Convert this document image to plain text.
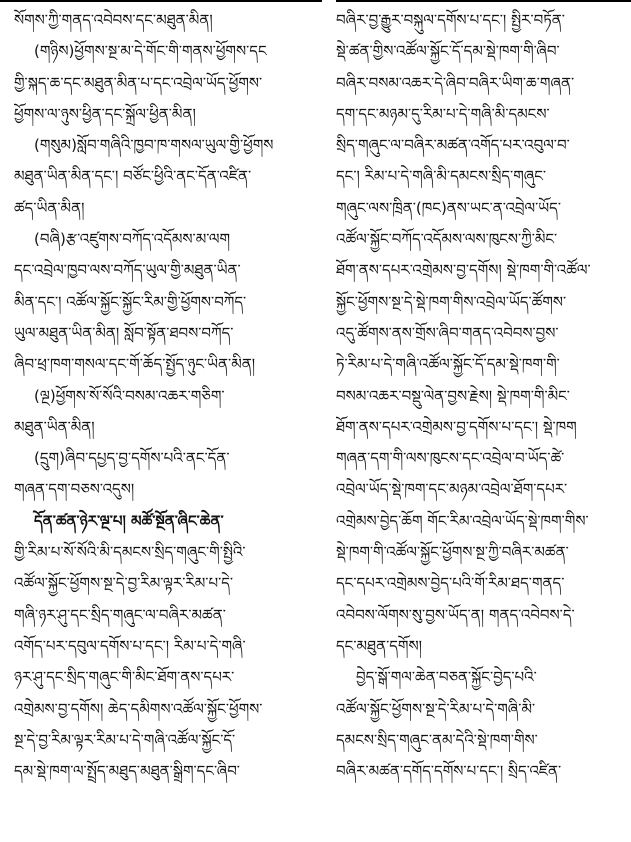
སོགས་ཀྱི་གནད་འབེབས་དང་མཐུན་མིན།
(གཉིས)ཕྱོགས་སྔ་མ་དེ་གོང་གི་གནས་ཕྱོགས་དང
གྱི་སྐད་ཆ་དང་མཐུན་མིན་པ་དང་འབྲེལ་ཡོད་ཕྱོགས་
ཕྱོགས་ལ་ཉུས་ཕྱིན་དང་སྐྲོལ་ཕྱིན་མིན།
(གསུམ)སློབ་གཞིའི་ཁྱབ་ཁ་གསལ་ཡུལ་གྱི་ཕྱོགས
མཐུན་ཡིན་མིན་དང་། བཙོང་ཕྱིའི་ནང་དོན་འཛིན་
ཚད་ཡིན་མིན།
(བཞི)རྩ་འཛུགས་བཀོད་འདོམས་མ་ལག
དང་འབྲེལ་ཁྱབ་ལས་བཀོད་ཡུལ་གྱི་མཐུན་ཡིན་
མིན་དང་། འཚོལ་སྐྱོང་སྐྱོང་རིམ་གྱི་ཕྱོགས་བཀོད་
ཡུལ་མཐུན་ཡིན་མིན། སློབ་སྟོན་ཐབས་བཀོད་
ཞིབ་ཕྲ་ཁག་གསལ་དང་གོ་ཆོད་སྤྱོད་ཉུང་ཡིན་མིན།
(ལྔ)ཕྱོགས་སོ་སོའི་བསམ་འཆར་གཅིག་
མཐུན་ཡིན་མིན།
(དྲུག)ཞིབ་དཔྱད་བྱ་དགོས་པའི་ནང་དོན་
གཞན་དག་བཅས་འདུས།
དོན་ཚན་ཉེར་ལྔ་པ། མཚོ་སྔོན་ཞིང་ཆེན་
གྱི་རིམ་པ་སོ་སོའི་མི་དམངས་སྲིད་གཞུང་གི་སྤྱིའི་
འཚོལ་སྐྱོང་ཕྱོགས་སྔ་དེ་བྱ་རིམ་ལྟར་རིམ་པ་དེ་
གཞི་ཉར་ཤུ་དང་སྲིད་གཞུང་ལ་བཞིར་མཚན་
འགོད་པར་དབུལ་དགོས་པ་དང་། རིམ་པ་དེ་གཞི་
ཉར་ཤུ་དང་སྲིད་གཞུང་གི་མིང་ཐོག་ནས་དཔར་
འགྲེམས་བྱ་དགོས། ཆེད་དམིགས་འཚོལ་སྐྱོང་ཕྱོགས་
སྔ་དེ་བྱ་རིམ་ལྟར་རིམ་པ་དེ་གཞི་འཚོལ་སྐྱོང་དོ་
དམ་སྡེ་ཁག་ལ་སྤྲོད་མཐུད་མཐུན་སྒྲིག་དང་ཞིབ་
བཞིར་བྱ་རྒྱུར་བསྐུལ་དགོས་པ་དང་། སྤྱིར་བཏོན་
སྡེ་ཚན་གྱིས་འཚོལ་སྐྱོང་དོ་དམ་སྡེ་ཁག་གི་ཞིབ་
བཞིར་བསམ་འཆར་དེ་ཞིབ་བཞིར་ཡིག་ཆ་གཞན་
དག་དང་མཉམ་དུ་རིམ་པ་དེ་གཞི་མི་དམངས་
སྲིད་གཞུང་ལ་བཞིར་མཚན་འགོད་པར་འབུལ་བ་
དང་། རིམ་པ་དེ་གཞི་མི་དམངས་སྲིད་གཞུང་
གཞུང་ལས་ཁྲིན་(ཁང)ནས་ཡང་ན་འབྲེལ་ཡོད་
འཚོལ་སྐྱོང་བཀོད་འདོམས་ལས་ཁུངས་ཀྱི་མིང་
ཐོག་ནས་དཔར་འགྲེམས་བྱ་དགོས། སྡེ་ཁག་གི་འཚོལ་
སྐྱོང་ཕྱོགས་སྔ་དེ་སྡེ་ཁག་གིས་འབྲེལ་ཡོད་ཚོགས་
འདུ་ཚོགས་ནས་གྲོས་ཞིབ་གནད་འབེབས་བྱས་
ཏེ་རིམ་པ་དེ་གཞི་འཚོལ་སྐྱོང་དོ་དམ་སྡེ་ཁག་གི་
བསམ་འཆར་བསྡུ་ལེན་བྱས་རྗེས། སྡེ་ཁག་གི་མིང་
ཐོག་ནས་དཔར་འགྲེམས་བྱ་དགོས་པ་དང་། སྡེ་ཁག
གཞན་དག་གི་ལས་ཁུངས་དང་འབྲེལ་བ་ཡོད་ཚེ་
འབྲེལ་ཡོད་སྡེ་ཁག་དང་མཉམ་འབྲེལ་ཐོག་དཔར་
འགྲེམས་བྱེད་ཆོག གོང་རིམ་འབྲེལ་ཡོད་སྡེ་ཁག་གིས་
སྡེ་ཁག་གི་འཚོལ་སྐྱོང་ཕྱོགས་སྔ་ཀྱི་བཞིར་མཚན་
དང་དཔར་འགྲེམས་བྱེད་པའི་གོ་རིམ་ཐད་གནད་
འབེབས་ལོགས་སུ་བྱས་ཡོད་ན། གནད་འབེབས་དེ་
དང་མཐུན་དགོས།
བྱེད་སྒོ་གལ་ཆེན་བཅན་སྐྱོང་བྱེད་པའི་
འཚོལ་སྐྱོང་ཕྱོགས་སྔ་དེ་རིམ་པ་དེ་གཞི་མི་
དམངས་སྲིད་གཞུང་ནམ་དེའི་སྡེ་ཁག་གིས་
བཞིར་མཚན་དགོད་དགོས་པ་དང་། སྲིད་འཛིན་
